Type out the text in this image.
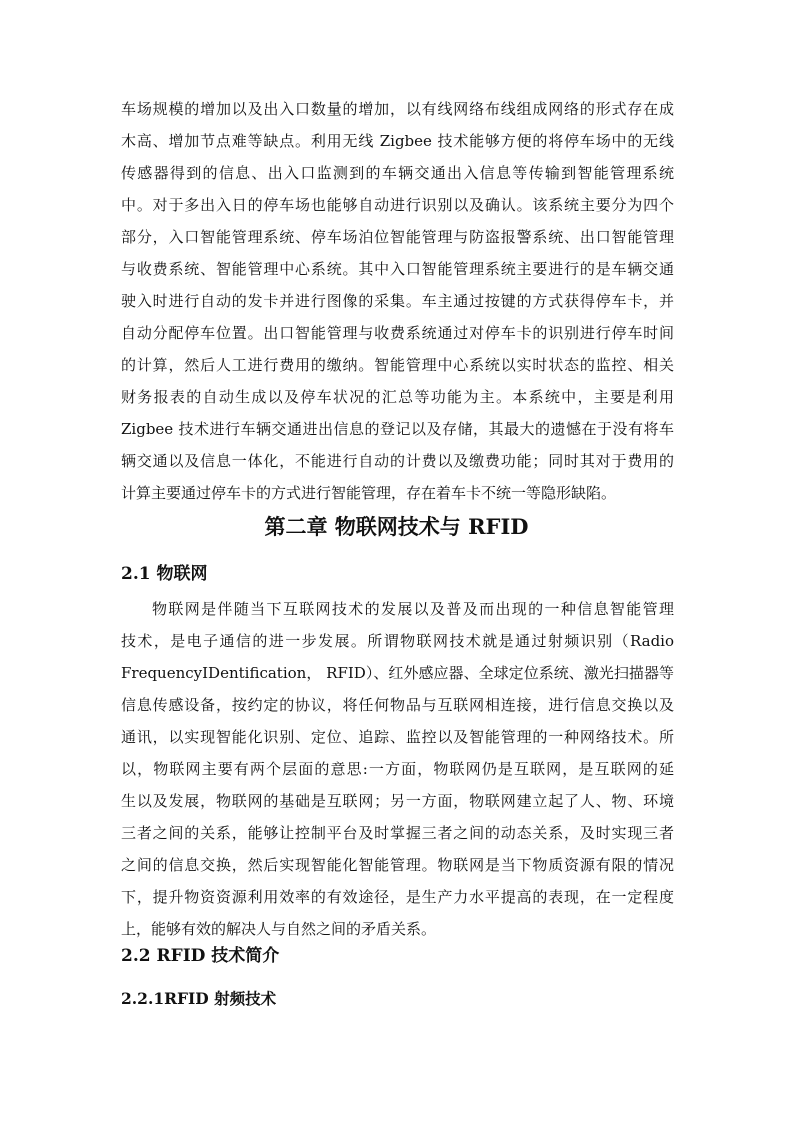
车场规模的增加以及出入口数量的增加，以有线网络布线组成网络的形式存在成
木高、增加节点难等缺点。利用无线 Zigbee 技术能够方便的将停车场中的无线
传感器得到的信息、出入口监测到的车辆交通出入信息等传输到智能管理系统
中。对于多出入日的停车场也能够自动进行识别以及确认。该系统主要分为四个
部分，入口智能管理系统、停车场泊位智能管理与防盗报警系统、出口智能管理
与收费系统、智能管理中心系统。其中入口智能管理系统主要进行的是车辆交通
驶入时进行自动的发卡并进行图像的采集。车主通过按键的方式获得停车卡，并
自动分配停车位置。出口智能管理与收费系统通过对停车卡的识别进行停车时间
的计算，然后人工进行费用的缴纳。智能管理中心系统以实时状态的监控、相关
财务报表的自动生成以及停车状况的汇总等功能为主。本系统中，主要是利用
Zigbee 技术进行车辆交通进出信息的登记以及存储，其最大的遗憾在于没有将车
辆交通以及信息一体化，不能进行自动的计费以及缴费功能；同时其对于费用的
计算主要通过停车卡的方式进行智能管理，存在着车卡不统一等隐形缺陷。
第二章 物联网技术与 RFID
2.1 物联网
物联网是伴随当下互联网技术的发展以及普及而出现的一种信息智能管理
技术，是电子通信的进一步发展。所谓物联网技术就是通过射频识别（Radio
FrequencyIDentification， RFID）、红外感应器、全球定位系统、激光扫描器等
信息传感设备，按约定的协议，将任何物品与互联网相连接，进行信息交换以及
通讯，以实现智能化识别、定位、追踪、监控以及智能管理的一种网络技术。所
以，物联网主要有两个层面的意思:一方面，物联网仍是互联网，是互联网的延
生以及发展，物联网的基础是互联网；另一方面，物联网建立起了人、物、环境
三者之间的关系，能够让控制平台及时掌握三者之间的动态关系，及时实现三者
之间的信息交换，然后实现智能化智能管理。物联网是当下物质资源有限的情况
下，提升物资资源利用效率的有效途径，是生产力水平提高的表现，在一定程度
上，能够有效的解决人与自然之间的矛盾关系。
2.2 RFID 技术简介
2.2.1RFID 射频技术
